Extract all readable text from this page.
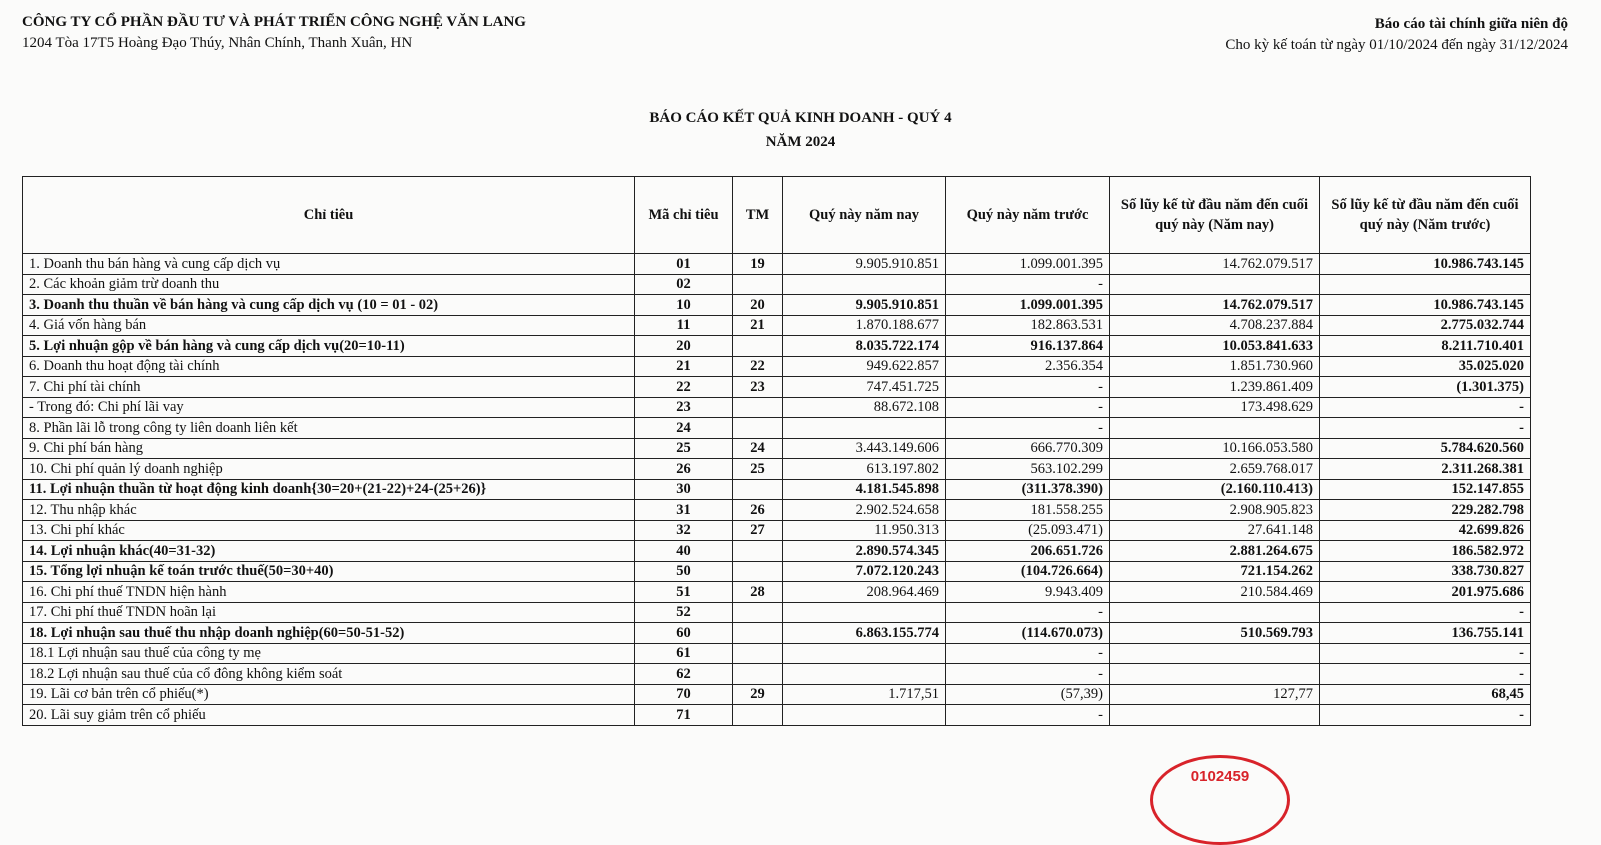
CÔNG TY CỔ PHẦN ĐẦU TƯ VÀ PHÁT TRIỂN CÔNG NGHỆ VĂN LANG
1204 Tòa 17T5 Hoàng Đạo Thúy, Nhân Chính, Thanh Xuân, HN
Báo cáo tài chính giữa niên độ
Cho kỳ kế toán từ ngày 01/10/2024 đến ngày 31/12/2024
BÁO CÁO KẾT QUẢ KINH DOANH - QUÝ 4
NĂM 2024
Chỉ tiêu	Mã chỉ tiêu	TM	Quý này năm nay	Quý này năm trước	Số lũy kế từ đầu năm đến cuối quý này (Năm nay)	Số lũy kế từ đầu năm đến cuối quý này (Năm trước)
1. Doanh thu bán hàng và cung cấp dịch vụ	01	19	9.905.910.851	1.099.001.395	14.762.079.517	10.986.743.145
2. Các khoản giảm trừ doanh thu	02			-		
3. Doanh thu thuần về bán hàng và cung cấp dịch vụ (10 = 01 - 02)	10	20	9.905.910.851	1.099.001.395	14.762.079.517	10.986.743.145
4. Giá vốn hàng bán	11	21	1.870.188.677	182.863.531	4.708.237.884	2.775.032.744
5. Lợi nhuận gộp về bán hàng và cung cấp dịch vụ(20=10-11)	20		8.035.722.174	916.137.864	10.053.841.633	8.211.710.401
6. Doanh thu hoạt động tài chính	21	22	949.622.857	2.356.354	1.851.730.960	35.025.020
7. Chi phí tài chính	22	23	747.451.725	-	1.239.861.409	(1.301.375)
- Trong đó: Chi phí lãi vay	23		88.672.108	-	173.498.629	-
8. Phần lãi lỗ trong công ty liên doanh liên kết	24			-		-
9. Chi phí bán hàng	25	24	3.443.149.606	666.770.309	10.166.053.580	5.784.620.560
10. Chi phí quản lý doanh nghiệp	26	25	613.197.802	563.102.299	2.659.768.017	2.311.268.381
11. Lợi nhuận thuần từ hoạt động kinh doanh{30=20+(21-22)+24-(25+26)}	30		4.181.545.898	(311.378.390)	(2.160.110.413)	152.147.855
12. Thu nhập khác	31	26	2.902.524.658	181.558.255	2.908.905.823	229.282.798
13. Chi phí khác	32	27	11.950.313	(25.093.471)	27.641.148	42.699.826
14. Lợi nhuận khác(40=31-32)	40		2.890.574.345	206.651.726	2.881.264.675	186.582.972
15. Tổng lợi nhuận kế toán trước thuế(50=30+40)	50		7.072.120.243	(104.726.664)	721.154.262	338.730.827
16. Chi phí thuế TNDN hiện hành	51	28	208.964.469	9.943.409	210.584.469	201.975.686
17. Chi phí thuế TNDN hoãn lại	52			-		-
18. Lợi nhuận sau thuế thu nhập doanh nghiệp(60=50-51-52)	60		6.863.155.774	(114.670.073)	510.569.793	136.755.141
18.1 Lợi nhuận sau thuế của công ty mẹ	61			-		-
18.2 Lợi nhuận sau thuế của cổ đông không kiểm soát	62			-		-
19. Lãi cơ bản trên cổ phiếu(*)	70	29	1.717,51	(57,39)	127,77	68,45
20. Lãi suy giảm trên cổ phiếu	71			-		-
0102459
